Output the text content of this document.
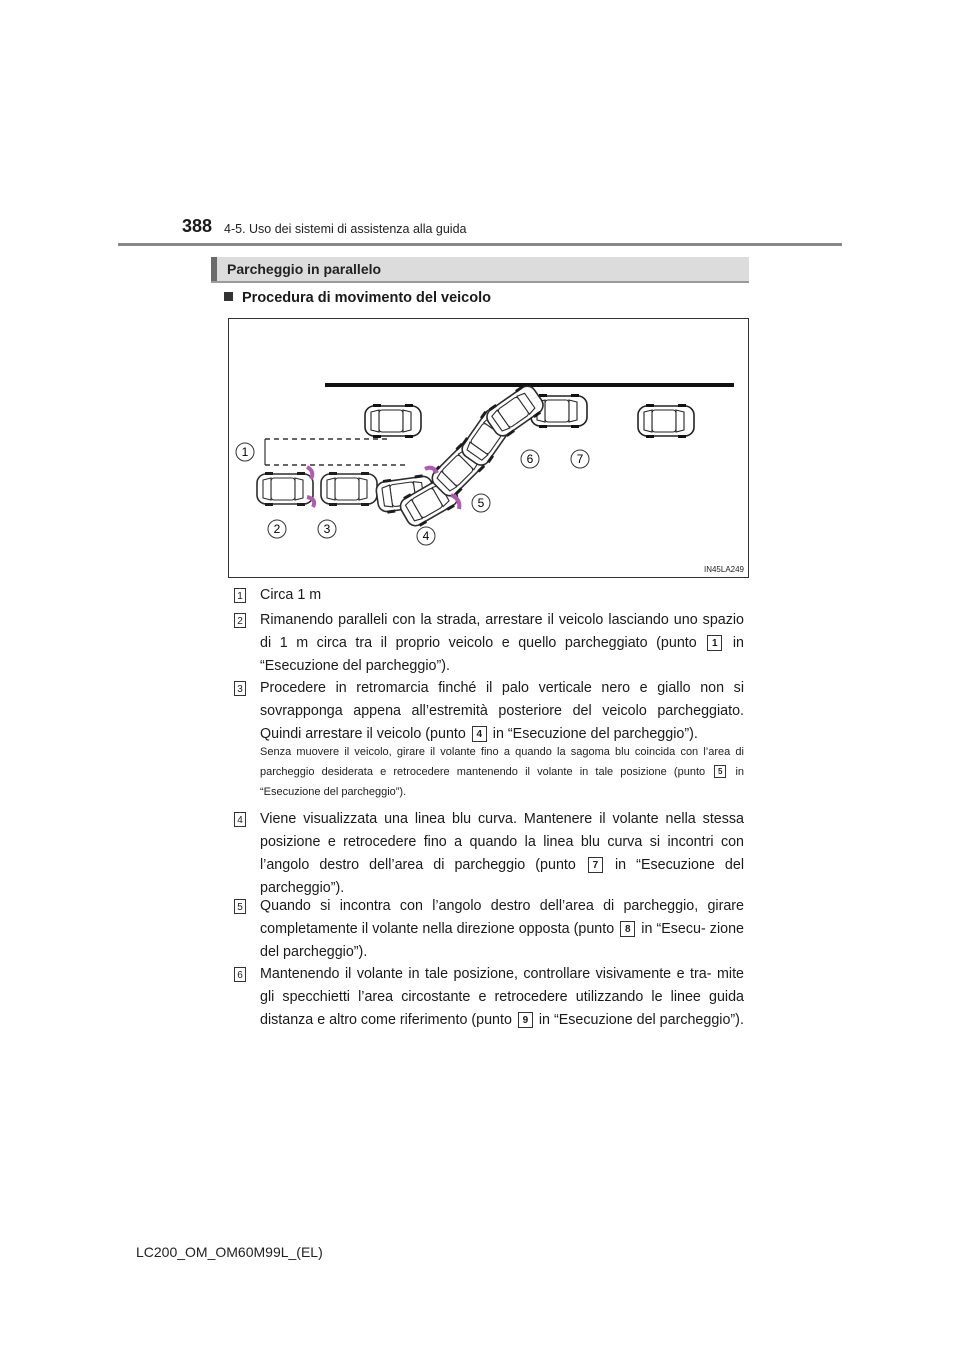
388 4-5. Uso dei sistemi di assistenza alla guida
Parcheggio in parallelo
Procedura di movimento del veicolo
1
2	3	4
5
6	7
IN45LA249
1	Circa 1 m
2	Rimanendo paralleli con la strada, arrestare il veicolo lasciando uno spazio di 1 m circa tra il proprio veicolo e quello parcheggiato (punto 1 in “Esecuzione del parcheggio”).
3	Procedere in retromarcia finché il palo verticale nero e giallo non si sovrapponga appena all’estremità posteriore del veicolo parcheggiato. Quindi arrestare il veicolo (punto 4 in “Esecuzione del parcheggio”).
Senza muovere il veicolo, girare il volante fino a quando la sagoma blu coincida con l’area di parcheggio desiderata e retrocedere mantenendo il volante in tale posizione (punto 5 in “Esecuzione del parcheggio”).
4	Viene visualizzata una linea blu curva. Mantenere il volante nella stessa posizione e retrocedere fino a quando la linea blu curva si incontri con l’angolo destro dell’area di parcheggio (punto 7 in “Esecuzione del parcheggio”).
5	Quando si incontra con l’angolo destro dell’area di parcheggio, girare completamente il volante nella direzione opposta (punto 8 in “Esecu- zione del parcheggio”).
6	Mantenendo il volante in tale posizione, controllare visivamente e tra- mite gli specchietti l’area circostante e retrocedere utilizzando le linee guida distanza e altro come riferimento (punto 9 in “Esecuzione del parcheggio”).
LC200_OM_OM60M99L_(EL)
